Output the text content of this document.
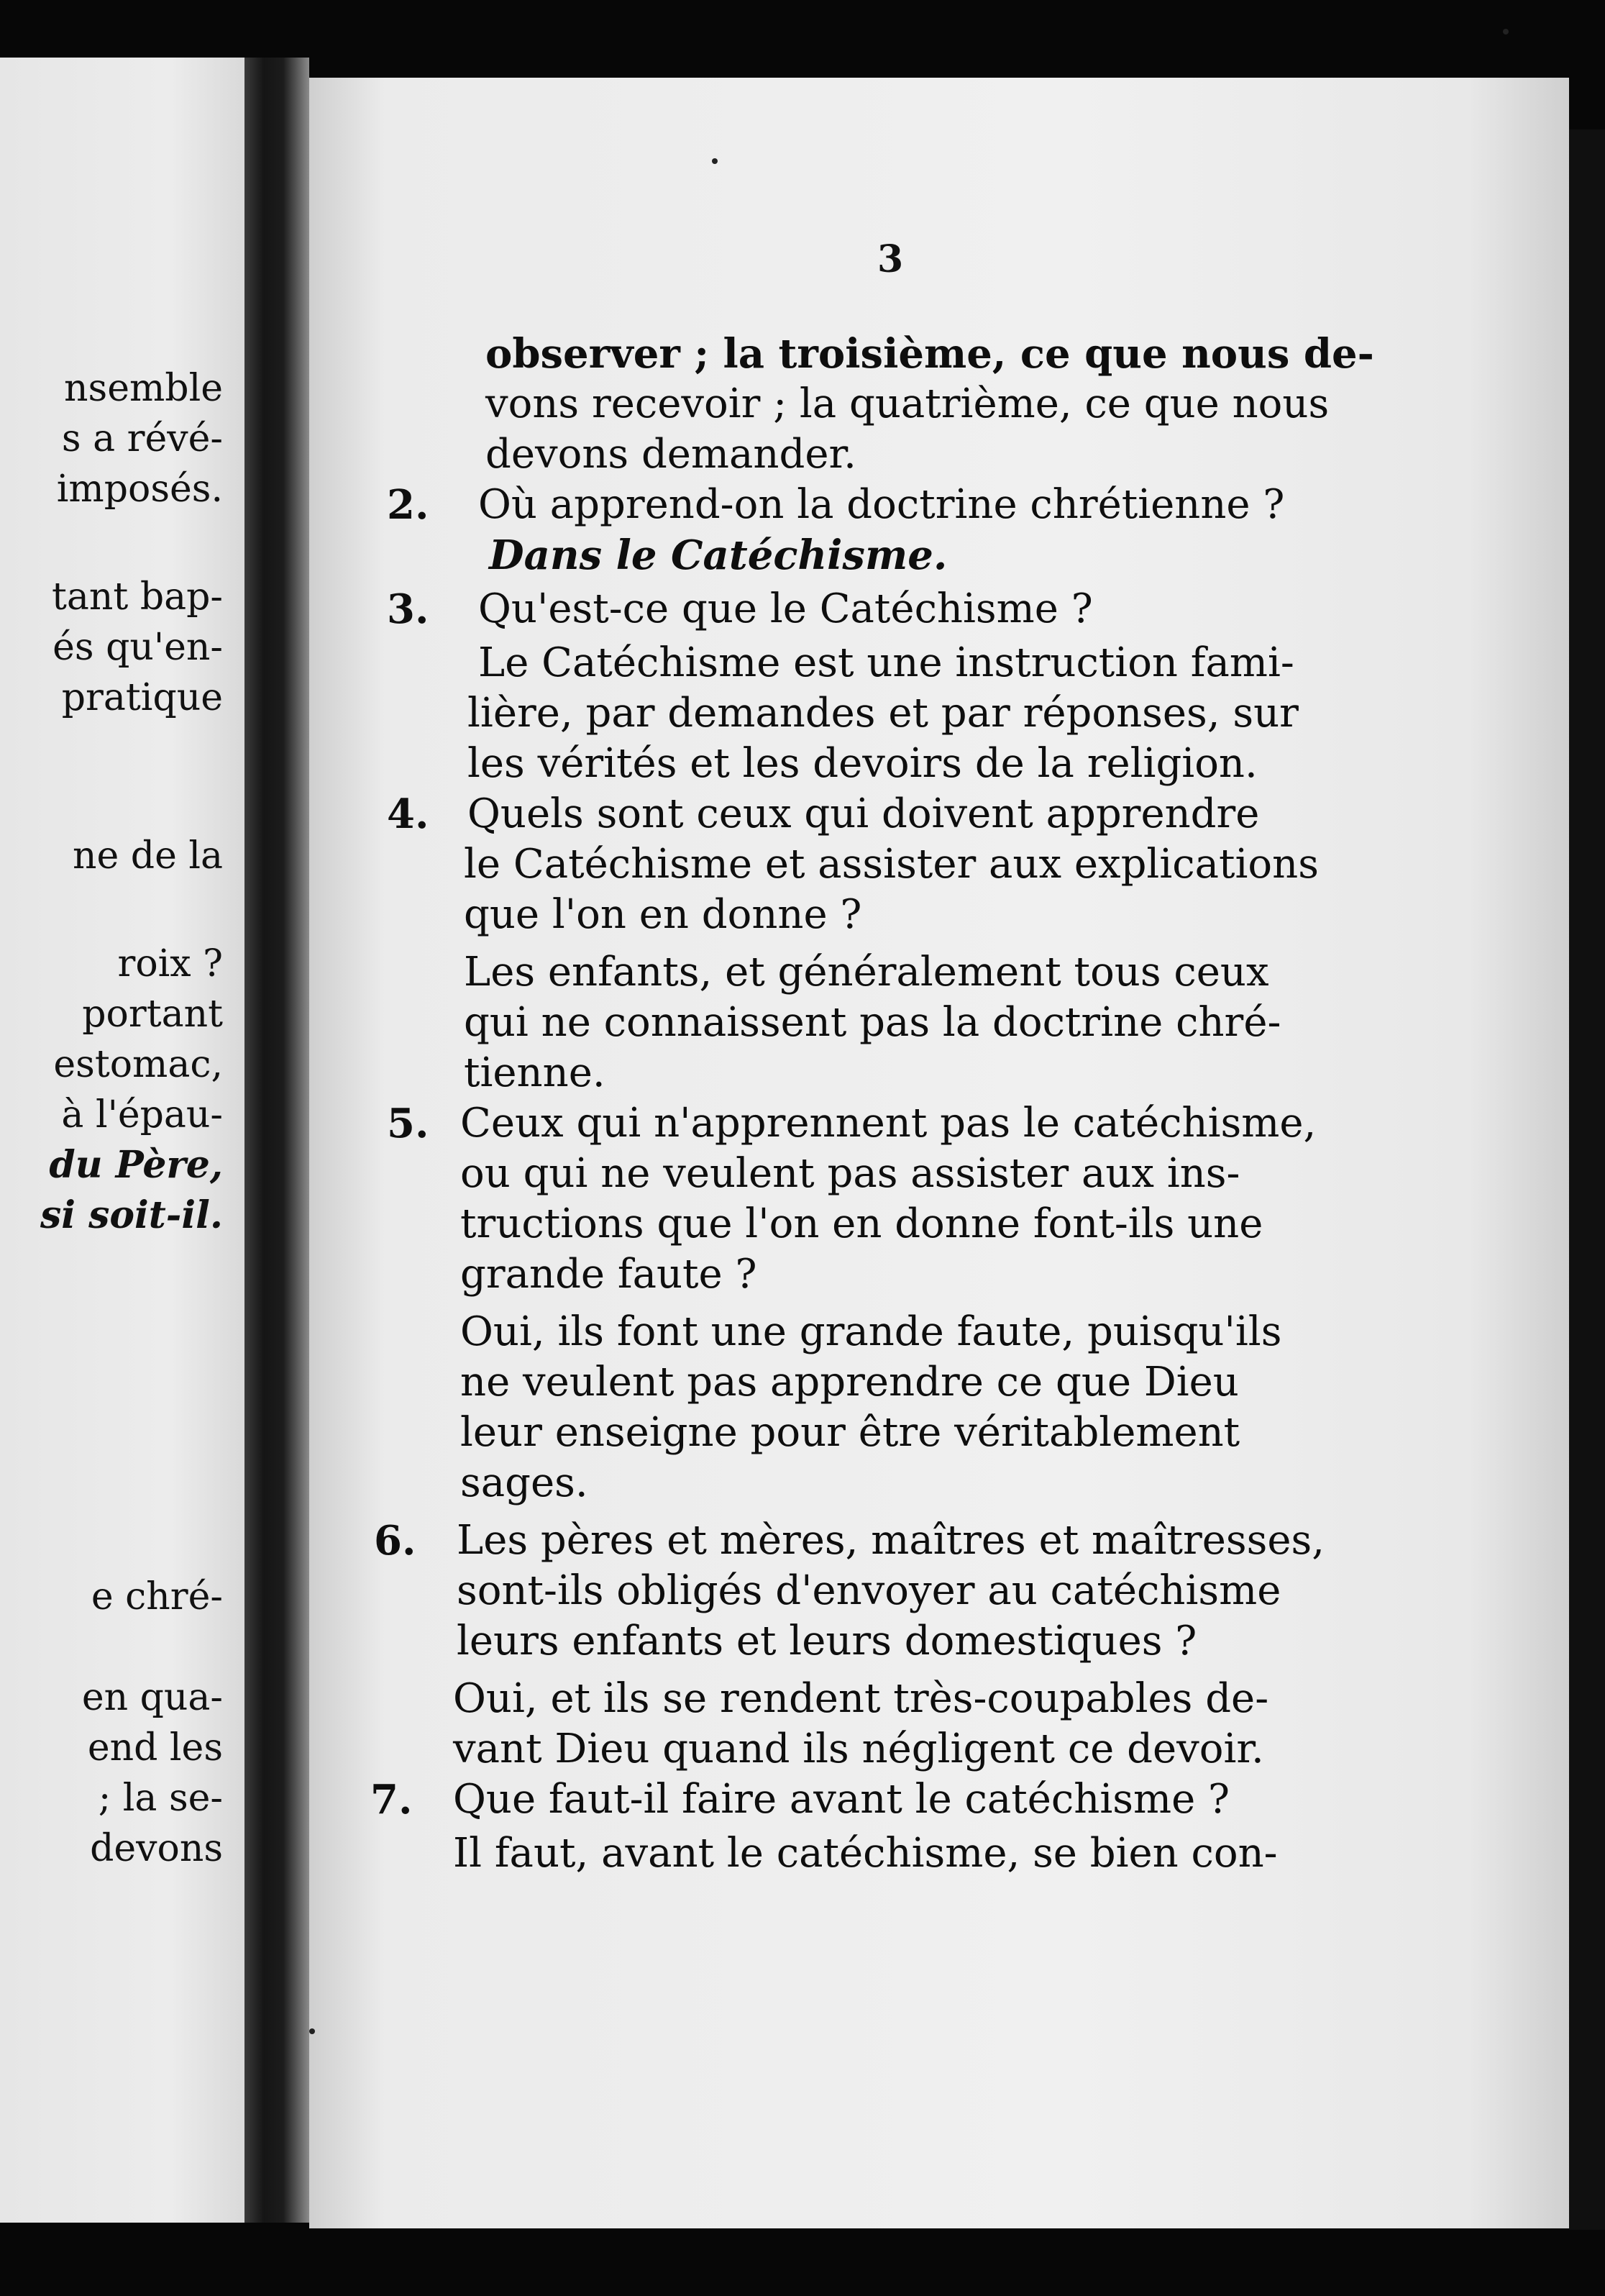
nsemble
s a révé-
imposés.
tant bap-
és qu'en-
pratique
ne de la
roix ?
portant
estomac,
à l'épau-
du Père,
si soit-il.
e chré-
en qua-
end les
; la se-
devons
3
observer ; la troisième, ce que nous de-
vons recevoir ; la quatrième, ce que nous
devons demander.
2. Où apprend-on la doctrine chrétienne ?
Dans le Catéchisme.
3. Qu'est-ce que le Catéchisme ?
Le Catéchisme est une instruction fami-
lière, par demandes et par réponses, sur
les vérités et les devoirs de la religion.
4. Quels sont ceux qui doivent apprendre
le Catéchisme et assister aux explications
que l'on en donne ?
Les enfants, et généralement tous ceux
qui ne connaissent pas la doctrine chré-
tienne.
5. Ceux qui n'apprennent pas le catéchisme,
ou qui ne veulent pas assister aux ins-
tructions que l'on en donne font-ils une
grande faute ?
Oui, ils font une grande faute, puisqu'ils
ne veulent pas apprendre ce que Dieu
leur enseigne pour être véritablement
sages.
6. Les pères et mères, maîtres et maîtresses,
sont-ils obligés d'envoyer au catéchisme
leurs enfants et leurs domestiques ?
Oui, et ils se rendent très-coupables de-
vant Dieu quand ils négligent ce devoir.
7. Que faut-il faire avant le catéchisme ?
Il faut, avant le catéchisme, se bien con-
